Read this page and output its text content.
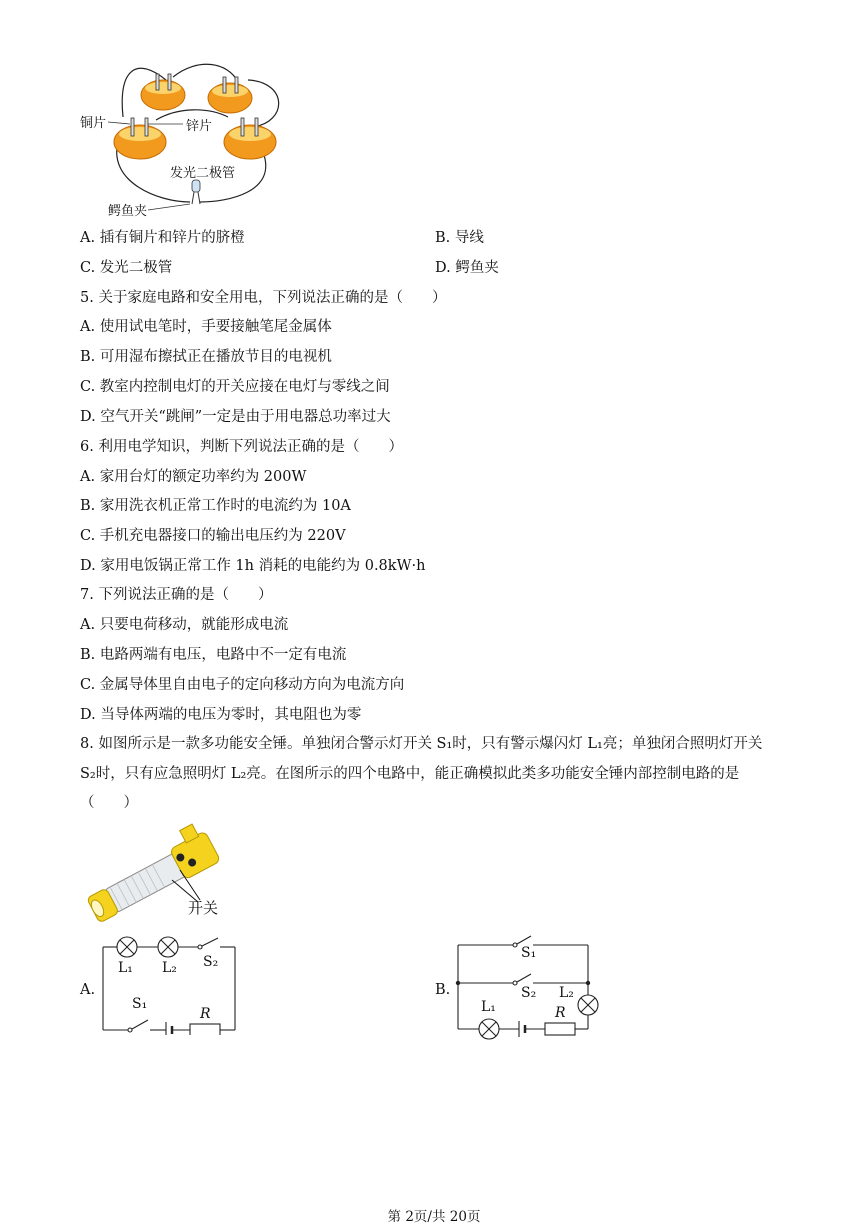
铜片	锌片
发光二极管
鳄鱼夹
A. 插有铜片和锌片的脐橙	B. 导线
C. 发光二极管	D. 鳄鱼夹
5. 关于家庭电路和安全用电，下列说法正确的是（　　）
A. 使用试电笔时，手要接触笔尾金属体
B. 可用湿布擦拭正在播放节目的电视机
C. 教室内控制电灯的开关应接在电灯与零线之间
D. 空气开关“跳闸”一定是由于用电器总功率过大
6. 利用电学知识，判断下列说法正确的是（　　）
A. 家用台灯的额定功率约为 200W
B. 家用洗衣机正常工作时的电流约为 10A
C. 手机充电器接口的输出电压约为 220V
D. 家用电饭锅正常工作 1h 消耗的电能约为 0.8kW·h
7. 下列说法正确的是（　　）
A. 只要电荷移动，就能形成电流
B. 电路两端有电压，电路中不一定有电流
C. 金属导体里自由电子的定向移动方向为电流方向
D. 当导体两端的电压为零时，其电阻也为零
8. 如图所示是一款多功能安全锤。单独闭合警示灯开关 S₁时，只有警示爆闪灯 L₁亮；单独闭合照明灯开关
S₂时，只有应急照明灯 L₂亮。在图所示的四个电路中，能正确模拟此类多功能安全锤内部控制电路的是
（　　）
开关
A.
L₁ L₂ S₂
S₁
R
B.
S₁
S₂ L₂
L₁	R
第 2页/共 20页
